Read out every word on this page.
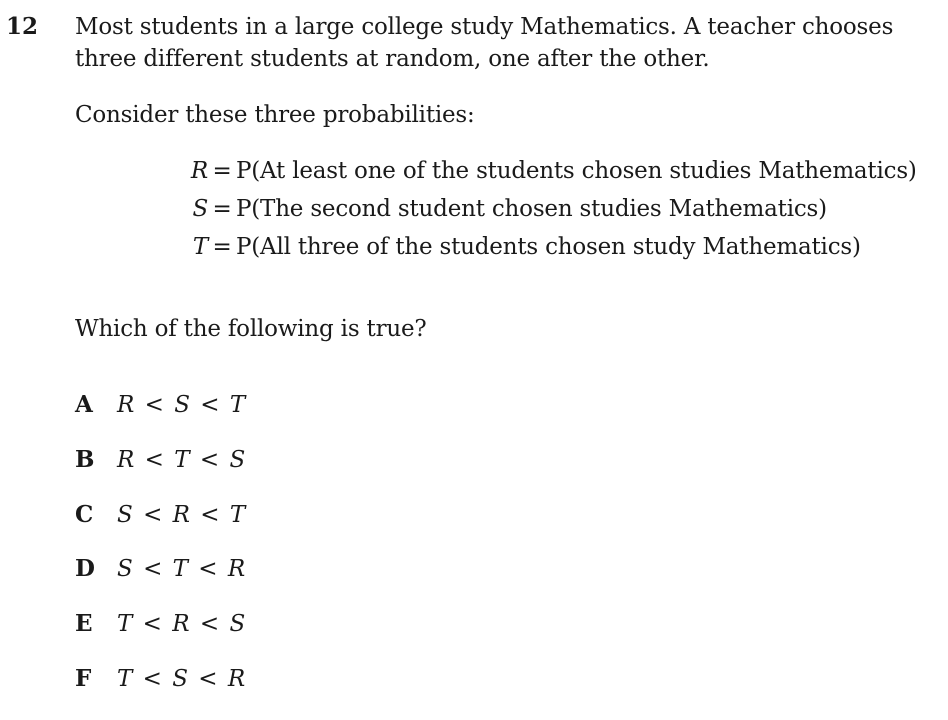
12 Most students in a large college study Mathematics. A teacher chooses three different students at random, one after the other.

Consider these three probabilities:
R = P(At least one of the students chosen studies Mathematics)
S = P(The second student chosen studies Mathematics)
T = P(All three of the students chosen study Mathematics)
Which of the following is true?
A R < S < T
B R < T < S
C S < R < T
D S < T < R
E T < R < S
F T < S < R
